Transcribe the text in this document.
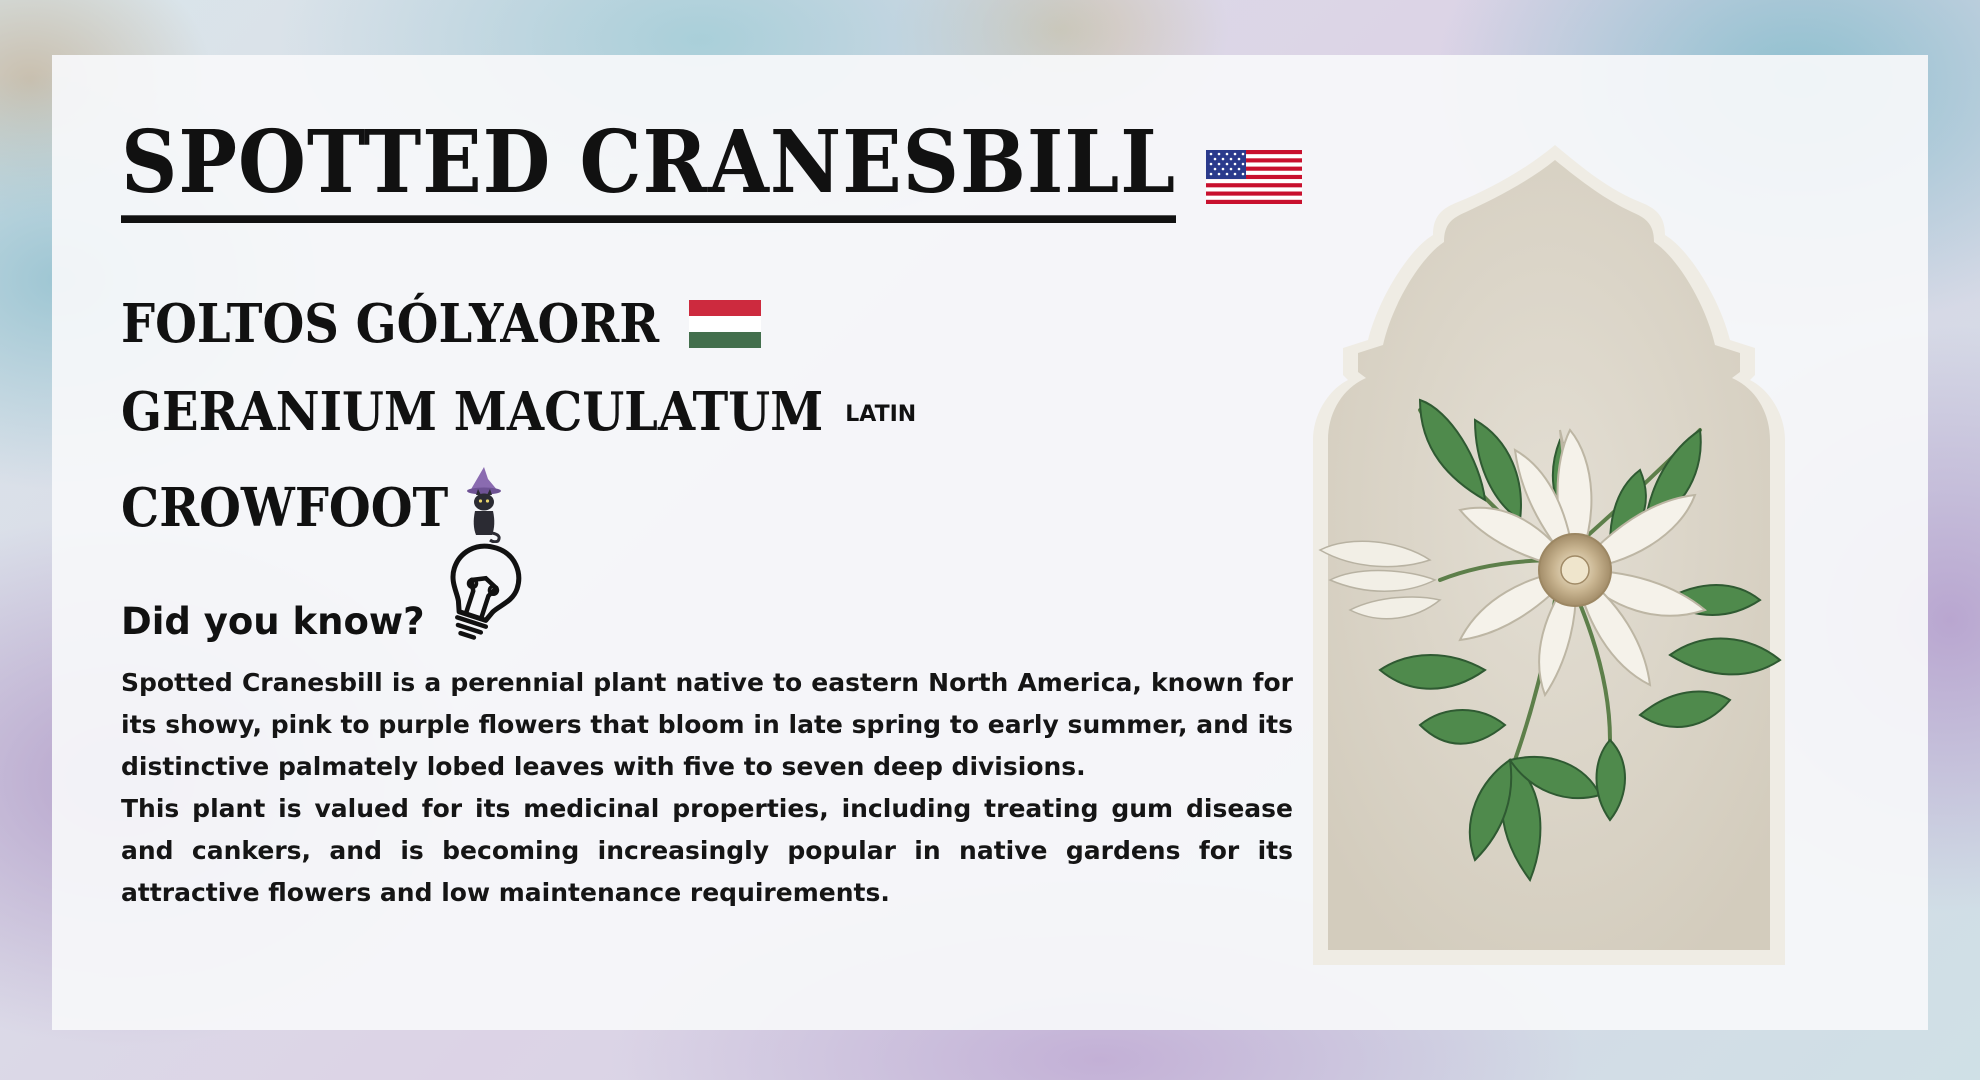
SPOTTED CRANESBILL
FOLTOS GÓLYAORR
GERANIUM MACULATUM LATIN
CROWFOOT
Did you know?

Spotted Cranesbill is a perennial plant native to eastern North America, known for its showy, pink to purple flowers that bloom in late spring to early summer, and its distinctive palmately lobed leaves with five to seven deep divisions.

This plant is valued for its medicinal properties, including treating gum disease and cankers, and is becoming increasingly popular in native gardens for its attractive flowers and low maintenance requirements.
